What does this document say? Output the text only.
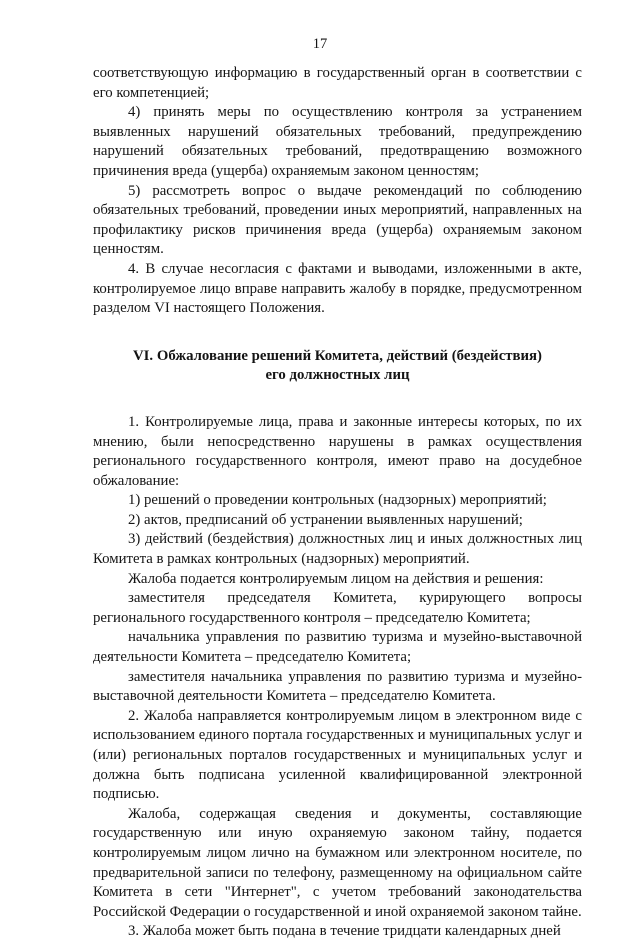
17

соответствующую информацию в государственный орган в соответствии с его компетенцией;

4) принять меры по осуществлению контроля за устранением выявленных нарушений обязательных требований, предупреждению нарушений обязательных требований, предотвращению возможного причинения вреда (ущерба) охраняемым законом ценностям;

5) рассмотреть вопрос о выдаче рекомендаций по соблюдению обязательных требований, проведении иных мероприятий, направленных на профилактику рисков причинения вреда (ущерба) охраняемым законом ценностям.

4. В случае несогласия с фактами и выводами, изложенными в акте, контролируемое лицо вправе направить жалобу в порядке, предусмотренном разделом VI настоящего Положения.

VI. Обжалование решений Комитета, действий (бездействия)
его должностных лиц

1. Контролируемые лица, права и законные интересы которых, по их мнению, были непосредственно нарушены в рамках осуществления регионального государственного контроля, имеют право на досудебное обжалование:

1) решений о проведении контрольных (надзорных) мероприятий;

2) актов, предписаний об устранении выявленных нарушений;

3) действий (бездействия) должностных лиц и иных должностных лиц Комитета в рамках контрольных (надзорных) мероприятий.

Жалоба подается контролируемым лицом на действия и решения:

заместителя председателя Комитета, курирующего вопросы регионального государственного контроля – председателю Комитета;

начальника управления по развитию туризма и музейно-выставочной деятельности Комитета – председателю Комитета;

заместителя начальника управления по развитию туризма и музейно-выставочной деятельности Комитета – председателю Комитета.

2. Жалоба направляется контролируемым лицом в электронном виде с использованием единого портала государственных и муниципальных услуг и (или) региональных порталов государственных и муниципальных услуг и должна быть подписана усиленной квалифицированной электронной подписью.

Жалоба, содержащая сведения и документы, составляющие государственную или иную охраняемую законом тайну, подается контролируемым лицом лично на бумажном или электронном носителе, по предварительной записи по телефону, размещенному на официальном сайте Комитета в сети "Интернет", с учетом требований законодательства Российской Федерации о государственной и иной охраняемой законом тайне.

3. Жалоба может быть подана в течение тридцати календарных дней
